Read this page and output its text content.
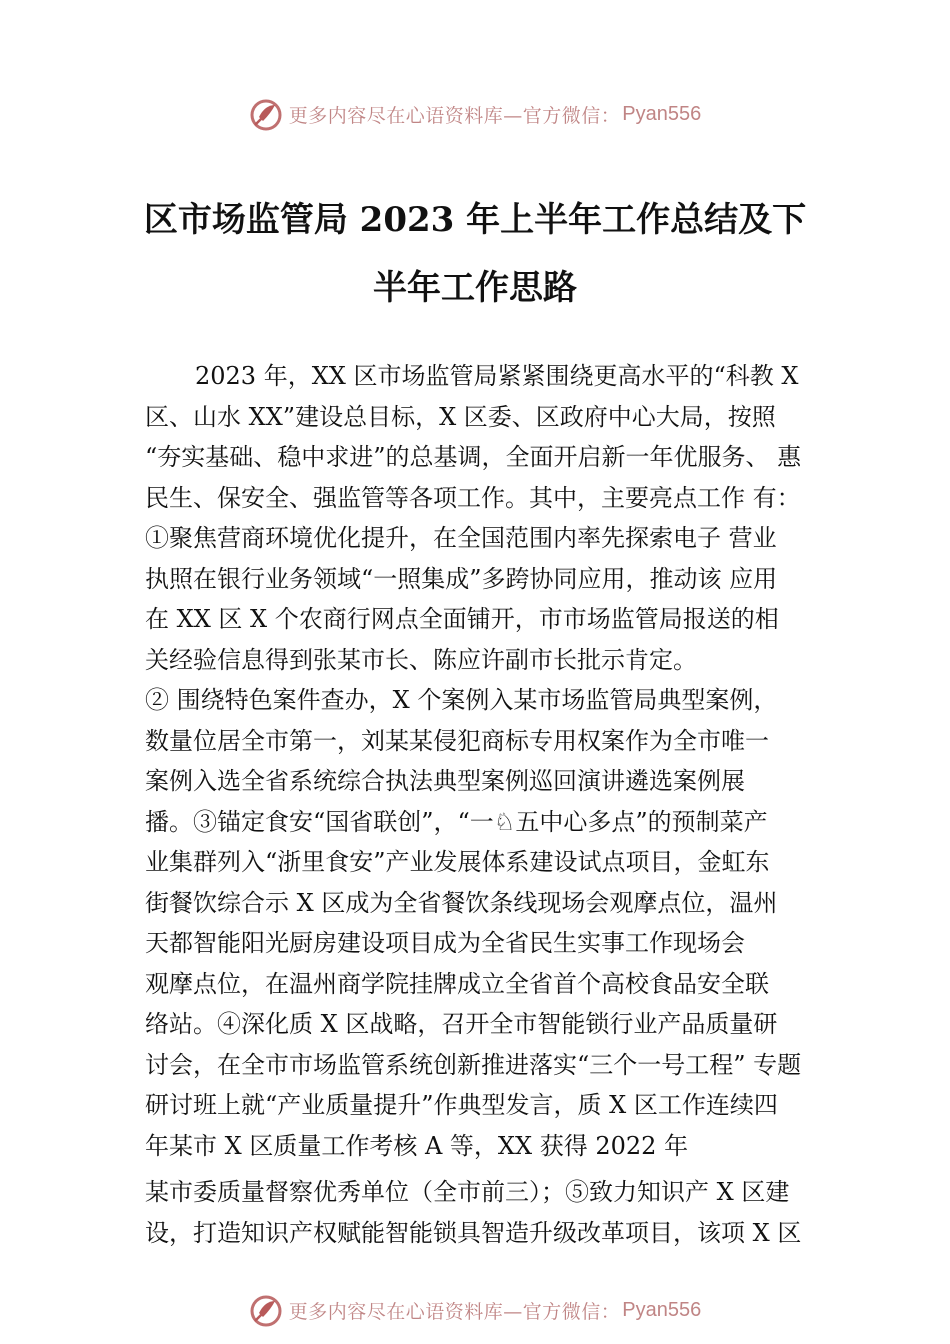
更多内容尽在心语资料库—官方微信： Pyan556
区市场监管局 2023 年上半年工作总结及下
半年工作思路
2023 年，XX 区市场监管局紧紧围绕更高水平的“科教 X
区、山水 XX”建设总目标，X 区委、区政府中心大局，按照
“夯实基础、稳中求进”的总基调，全面开启新一年优服务、 惠
民生、保安全、强监管等各项工作。其中，主要亮点工作 有：
①聚焦营商环境优化提升，在全国范围内率先探索电子 营业
执照在银行业务领域“一照集成”多跨协同应用，推动该 应用
在 XX 区 X 个农商行网点全面铺开，市市场监管局报送的相
关经验信息得到张某市长、陈应许副市长批示肯定。
② 围绕特色案件查办，X 个案例入某市场监管局典型案例，
数量位居全市第一，刘某某侵犯商标专用权案作为全市唯一
案例入选全省系统综合执法典型案例巡回演讲遴选案例展
播。③锚定食安“国省联创”，“一♘五中心多点”的预制菜产
业集群列入“浙里食安”产业发展体系建设试点项目，金虹东
街餐饮综合示 X 区成为全省餐饮条线现场会观摩点位，温州
天都智能阳光厨房建设项目成为全省民生实事工作现场会
观摩点位，在温州商学院挂牌成立全省首个高校食品安全联
络站。④深化质 X 区战略，召开全市智能锁行业产品质量研
讨会，在全市市场监管系统创新推进落实“三个一号工程” 专题
研讨班上就“产业质量提升”作典型发言，质 X 区工作连续四
年某市 X 区质量工作考核 A 等，XX 获得 2022 年
某市委质量督察优秀单位（全市前三）；⑤致力知识产 X 区建
设，打造知识产权赋能智能锁具智造升级改革项目，该项 X 区
更多内容尽在心语资料库—官方微信： Pyan556
